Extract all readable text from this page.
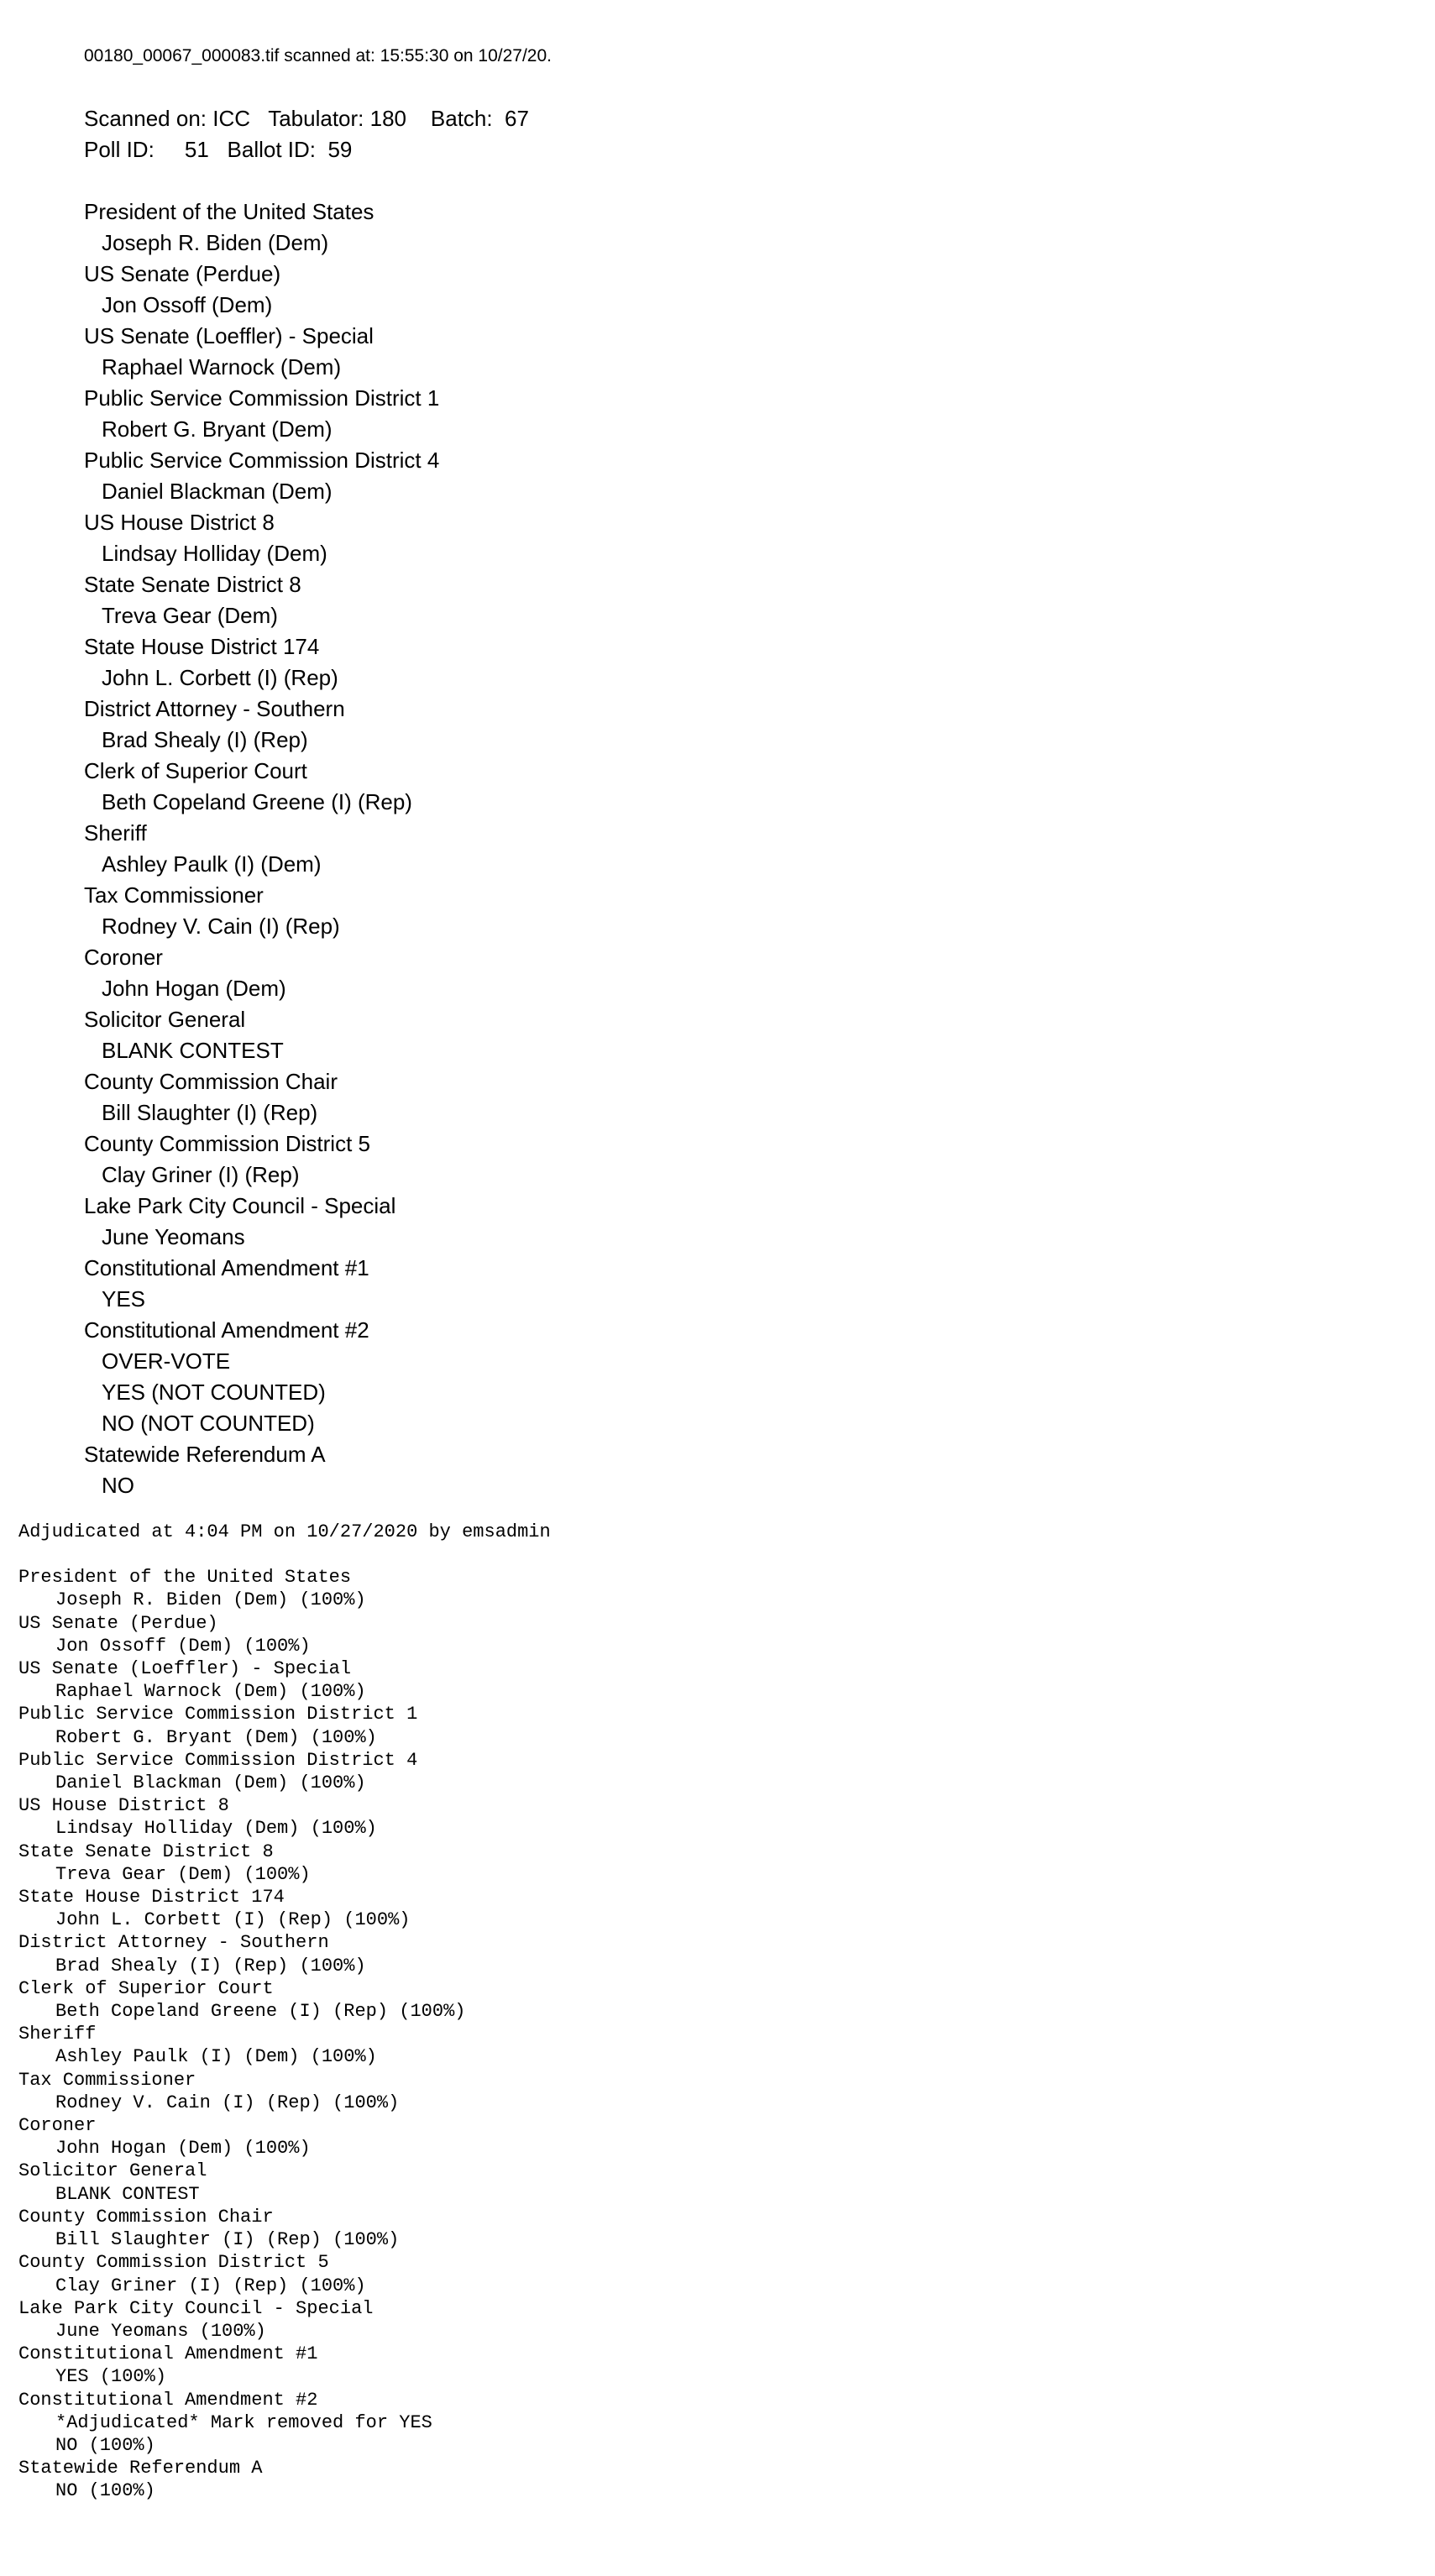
00180_00067_000083.tif scanned at: 15:55:30 on 10/27/20.
Scanned on: ICC   Tabulator: 180    Batch:  67
Poll ID:     51   Ballot ID:  59
President of the United States
Joseph R. Biden (Dem)
US Senate (Perdue)
Jon Ossoff (Dem)
US Senate (Loeffler) - Special
Raphael Warnock (Dem)
Public Service Commission District 1
Robert G. Bryant (Dem)
Public Service Commission District 4
Daniel Blackman (Dem)
US House District 8
Lindsay Holliday (Dem)
State Senate District 8
Treva Gear (Dem)
State House District 174
John L. Corbett (I) (Rep)
District Attorney - Southern
Brad Shealy (I) (Rep)
Clerk of Superior Court
Beth Copeland Greene (I) (Rep)
Sheriff
Ashley Paulk (I) (Dem)
Tax Commissioner
Rodney V. Cain (I) (Rep)
Coroner
John Hogan (Dem)
Solicitor General
BLANK CONTEST
County Commission Chair
Bill Slaughter (I) (Rep)
County Commission District 5
Clay Griner (I) (Rep)
Lake Park City Council - Special
June Yeomans
Constitutional Amendment #1
YES
Constitutional Amendment #2
OVER-VOTE
YES (NOT COUNTED)
NO (NOT COUNTED)
Statewide Referendum A
NO
Adjudicated at 4:04 PM on 10/27/2020 by emsadmin
President of the United States
Joseph R. Biden (Dem) (100%)
US Senate (Perdue)
Jon Ossoff (Dem) (100%)
US Senate (Loeffler) - Special
Raphael Warnock (Dem) (100%)
Public Service Commission District 1
Robert G. Bryant (Dem) (100%)
Public Service Commission District 4
Daniel Blackman (Dem) (100%)
US House District 8
Lindsay Holliday (Dem) (100%)
State Senate District 8
Treva Gear (Dem) (100%)
State House District 174
John L. Corbett (I) (Rep) (100%)
District Attorney - Southern
Brad Shealy (I) (Rep) (100%)
Clerk of Superior Court
Beth Copeland Greene (I) (Rep) (100%)
Sheriff
Ashley Paulk (I) (Dem) (100%)
Tax Commissioner
Rodney V. Cain (I) (Rep) (100%)
Coroner
John Hogan (Dem) (100%)
Solicitor General
BLANK CONTEST
County Commission Chair
Bill Slaughter (I) (Rep) (100%)
County Commission District 5
Clay Griner (I) (Rep) (100%)
Lake Park City Council - Special
June Yeomans (100%)
Constitutional Amendment #1
YES (100%)
Constitutional Amendment #2
*Adjudicated* Mark removed for YES
NO (100%)
Statewide Referendum A
NO (100%)
